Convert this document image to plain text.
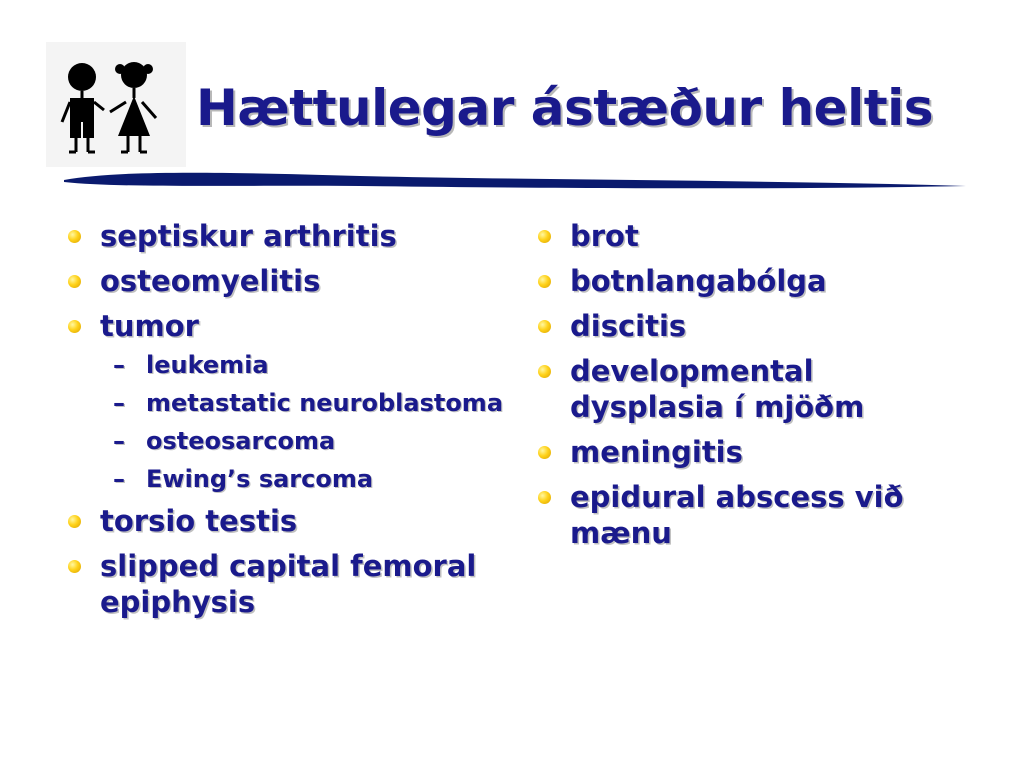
Hættulegar ástæður heltis
septiskur arthritis
osteomyelitis
tumor
– leukemia
– metastatic neuroblastoma
– osteosarcoma
– Ewing’s sarcoma
torsio testis
slipped capital femoral epiphysis
brot
botnlangabólga
discitis
developmental dysplasia í mjöðm
meningitis
epidural abscess við mænu
